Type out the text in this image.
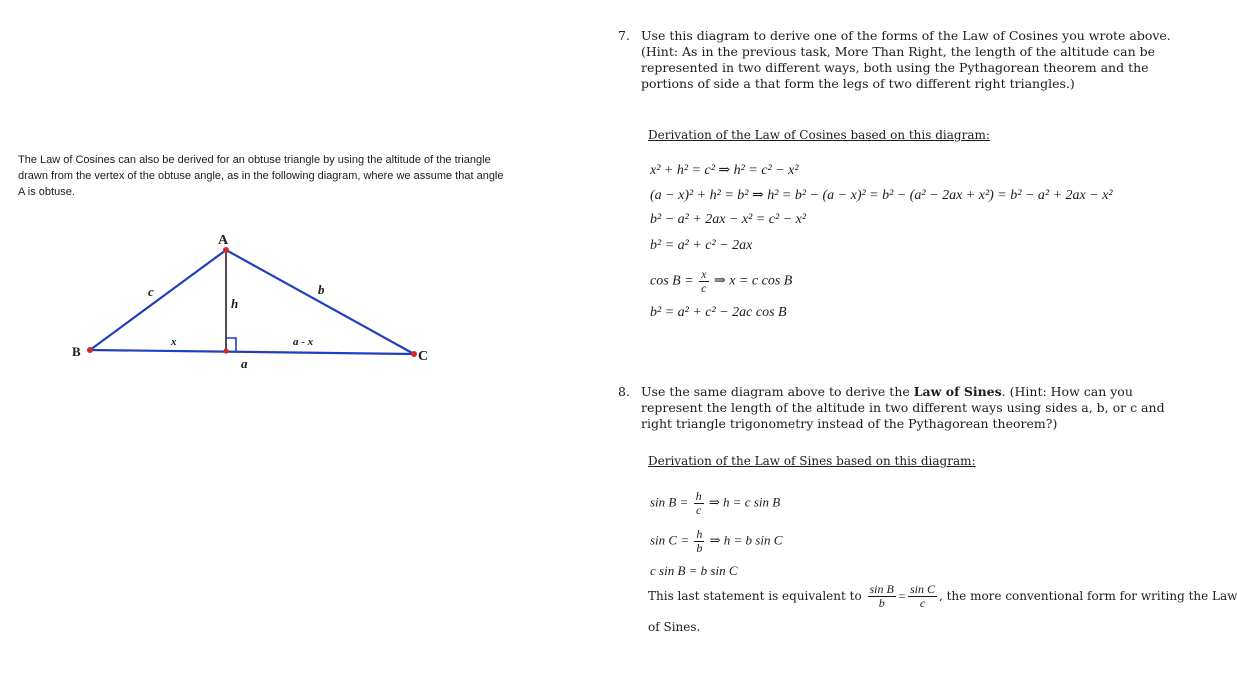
The Law of Cosines can also be derived for an obtuse triangle by using the altitude of the triangle
drawn from the vertex of the obtuse angle, as in the following diagram, where we assume that angle
A is obtuse.
A
B	C
c	b
h
x	a - x
a
7. Use this diagram to derive one of the forms of the Law of Cosines you wrote above. (Hint: As in the previous task, More Than Right, the length of the altitude can be represented in two different ways, both using the Pythagorean theorem and the portions of side a that form the legs of two different right triangles.)
Derivation of the Law of Cosines based on this diagram:
x² + h² = c² ⇒ h² = c² − x²
(a − x)² + h² = b² ⇒ h² = b² − (a − x)² = b² − (a² − 2ax + x²) = b² − a² + 2ax − x²
b² − a² + 2ax − x² = c² − x²
b² = a² + c² − 2ax
$\cos B = \frac{x}{c}$ ⇒ x = c cos B
b² = a² + c² − 2ac cos B
8. Use the same diagram above to derive the Law of Sines. (Hint: How can you represent the length of the altitude in two different ways using sides a, b, or c and right triangle trigonometry instead of the Pythagorean theorem?)
Derivation of the Law of Sines based on this diagram:
$\sin B = \frac{h}{c}$ ⇒ h = c sin B
$\sin C = \frac{h}{b}$ ⇒ h = b sin C
c sin B = b sin C
This last statement is equivalent to $\frac{\text{sin B}}{b} = \frac{\text{sin C}}{c}$ , the more conventional form for writing the Law
of Sines.
